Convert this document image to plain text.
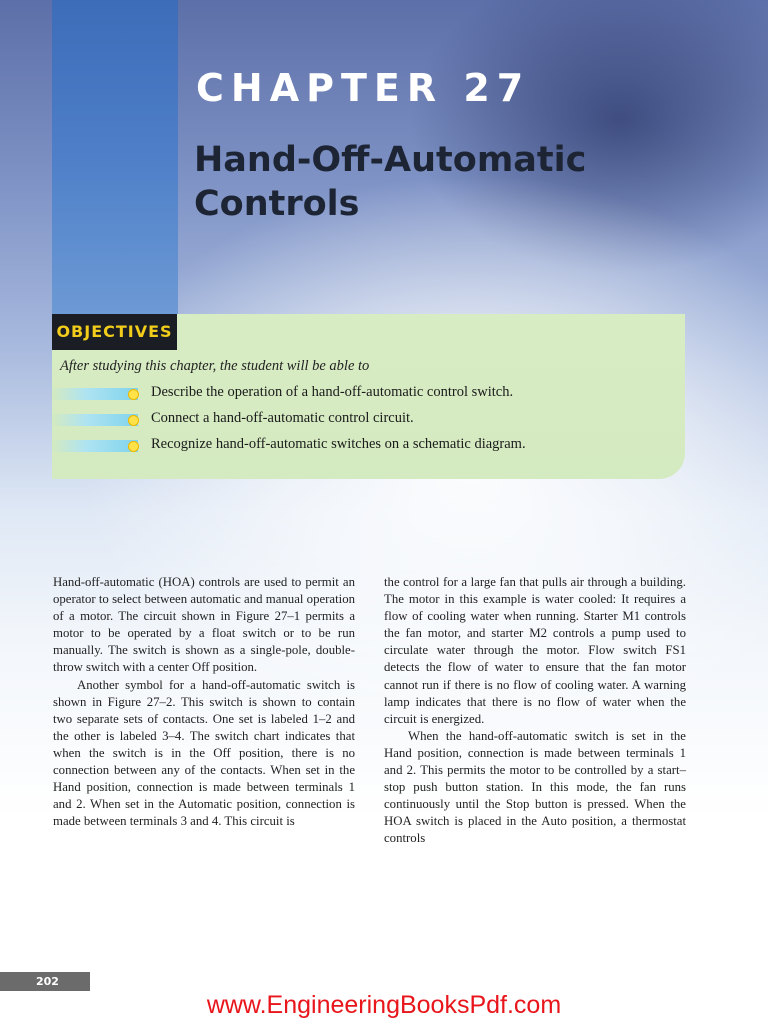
CHAPTER 27
Hand-Off-Automatic
Controls
OBJECTIVES
After studying this chapter, the student will be able to
Describe the operation of a hand-off-automatic control switch.
Connect a hand-off-automatic control circuit.
Recognize hand-off-automatic switches on a schematic diagram.

Hand-off-automatic (HOA) controls are used to permit an operator to select between automatic and manual operation of a motor. The circuit shown in Figure 27–1 permits a motor to be operated by a float switch or to be run manually. The switch is shown as a single-pole, double-throw switch with a center Off position.

Another symbol for a hand-off-automatic switch is shown in Figure 27–2. This switch is shown to contain two separate sets of contacts. One set is labeled 1–2 and the other is labeled 3–4. The switch chart indicates that when the switch is in the Off position, there is no connection between any of the contacts. When set in the Hand position, connection is made between terminals 1 and 2. When set in the Automatic position, connection is made between terminals 3 and 4. This circuit is

the control for a large fan that pulls air through a building. The motor in this example is water cooled: It requires a flow of cooling water when running. Starter M1 controls the fan motor, and starter M2 controls a pump used to circulate water through the motor. Flow switch FS1 detects the flow of water to ensure that the fan motor cannot run if there is no flow of cooling water. A warning lamp indicates that there is no flow of water when the circuit is energized.

When the hand-off-automatic switch is set in the Hand position, connection is made between terminals 1 and 2. This permits the motor to be controlled by a start–stop push button station. In this mode, the fan runs continuously until the Stop button is pressed. When the HOA switch is placed in the Auto position, a thermostat controls

202
www.EngineeringBooksPdf.com
